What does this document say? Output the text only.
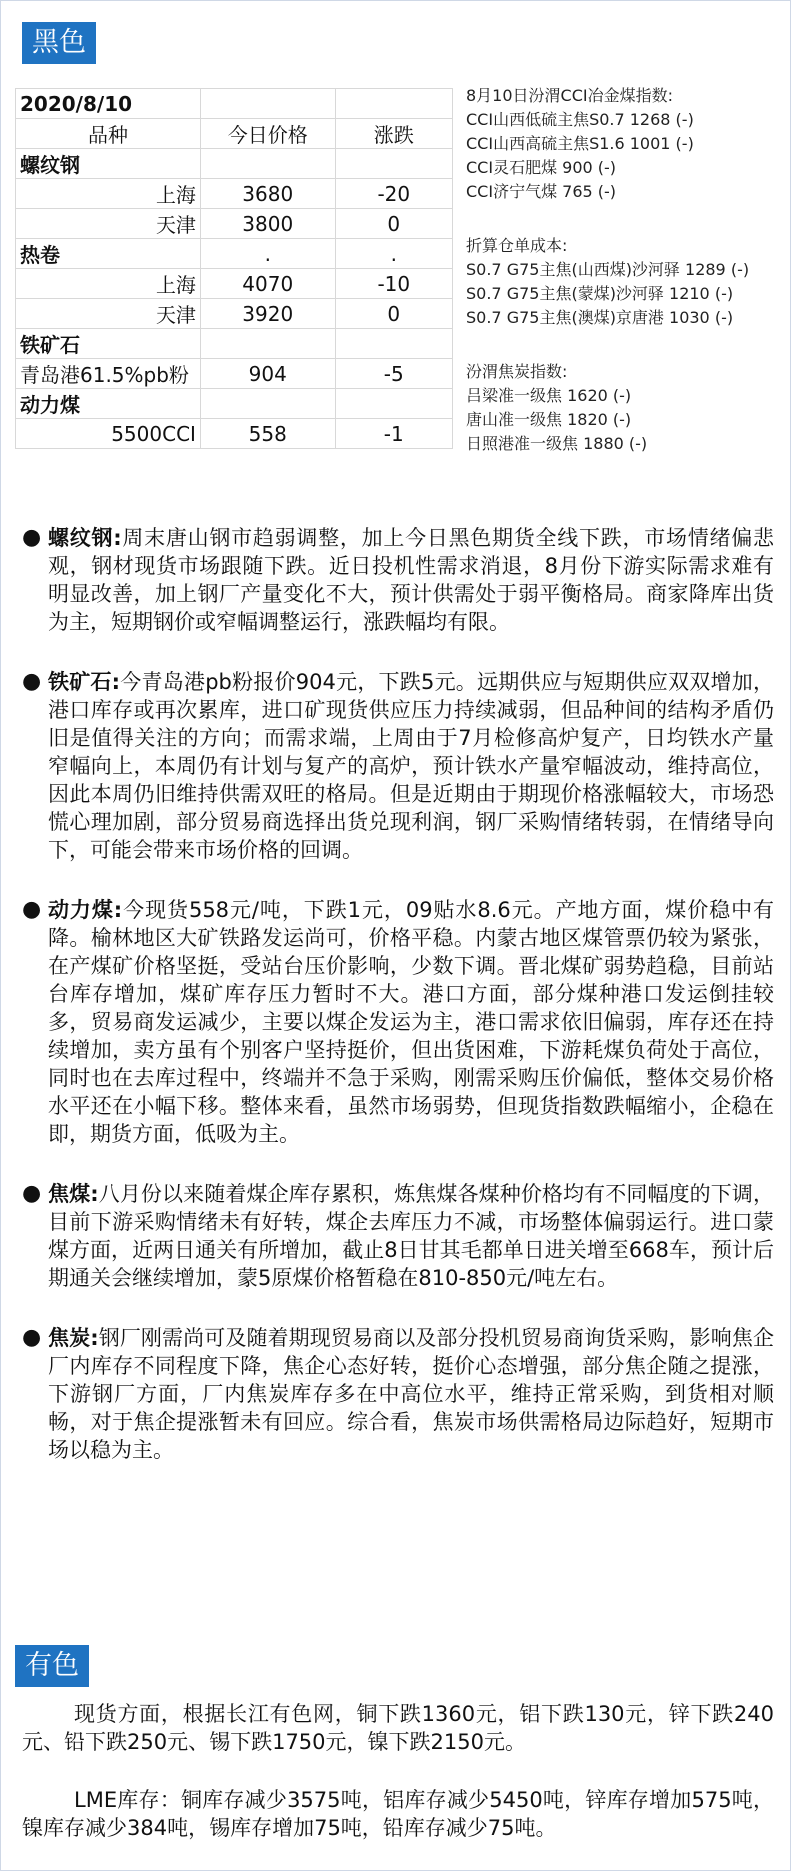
黑色
2020/8/10		
品种	今日价格	涨跌
螺纹钢		
上海	3680	-20
天津	3800	0
热卷	.	.
上海	4070	-10
天津	3920	0
铁矿石		
青岛港61.5%pb粉	904	-5
动力煤		
5500CCI	558	-1
8月10日汾渭CCI冶金煤指数:
CCI山西低硫主焦S0.7 1268 (-)
CCI山西高硫主焦S1.6 1001 (-)
CCI灵石肥煤 900 (-)
CCI济宁气煤 765 (-)
折算仓单成本:
S0.7 G75主焦(山西煤)沙河驿 1289 (-)
S0.7 G75主焦(蒙煤)沙河驿 1210 (-)
S0.7 G75主焦(澳煤)京唐港 1030 (-)
汾渭焦炭指数:
吕梁准一级焦 1620 (-)
唐山准一级焦 1820 (-)
日照港准一级焦 1880 (-)
● 螺纹钢:周末唐山钢市趋弱调整，加上今日黑色期货全线下跌，市场情绪偏悲观，钢材现货市场跟随下跌。近日投机性需求消退，8月份下游实际需求难有明显改善，加上钢厂产量变化不大，预计供需处于弱平衡格局。商家降库出货为主，短期钢价或窄幅调整运行，涨跌幅均有限。
● 铁矿石:今青岛港pb粉报价904元，下跌5元。远期供应与短期供应双双增加，港口库存或再次累库，进口矿现货供应压力持续减弱，但品种间的结构矛盾仍旧是值得关注的方向；而需求端，上周由于7月检修高炉复产，日均铁水产量窄幅向上，本周仍有计划与复产的高炉，预计铁水产量窄幅波动，维持高位，因此本周仍旧维持供需双旺的格局。但是近期由于期现价格涨幅较大，市场恐慌心理加剧，部分贸易商选择出货兑现利润，钢厂采购情绪转弱，在情绪导向下，可能会带来市场价格的回调。
● 动力煤:今现货558元/吨，下跌1元，09贴水8.6元。产地方面，煤价稳中有降。榆林地区大矿铁路发运尚可，价格平稳。内蒙古地区煤管票仍较为紧张，在产煤矿价格坚挺，受站台压价影响，少数下调。晋北煤矿弱势趋稳，目前站台库存增加，煤矿库存压力暂时不大。港口方面，部分煤种港口发运倒挂较多，贸易商发运减少，主要以煤企发运为主，港口需求依旧偏弱，库存还在持续增加，卖方虽有个别客户坚持挺价，但出货困难，下游耗煤负荷处于高位，同时也在去库过程中，终端并不急于采购，刚需采购压价偏低，整体交易价格水平还在小幅下移。整体来看，虽然市场弱势，但现货指数跌幅缩小，企稳在即，期货方面，低吸为主。
● 焦煤:八月份以来随着煤企库存累积，炼焦煤各煤种价格均有不同幅度的下调，目前下游采购情绪未有好转，煤企去库压力不减，市场整体偏弱运行。进口蒙煤方面，近两日通关有所增加，截止8日甘其毛都单日进关增至668车，预计后期通关会继续增加，蒙5原煤价格暂稳在810-850元/吨左右。
● 焦炭:钢厂刚需尚可及随着期现贸易商以及部分投机贸易商询货采购，影响焦企厂内库存不同程度下降，焦企心态好转，挺价心态增强，部分焦企随之提涨，下游钢厂方面，厂内焦炭库存多在中高位水平，维持正常采购，到货相对顺畅，对于焦企提涨暂未有回应。综合看，焦炭市场供需格局边际趋好，短期市场以稳为主。
有色

现货方面，根据长江有色网，铜下跌1360元，铝下跌130元，锌下跌240元、铅下跌250元、锡下跌1750元，镍下跌2150元。

LME库存：铜库存减少3575吨，铝库存减少5450吨，锌库存增加575吨，镍库存减少384吨，锡库存增加75吨，铅库存减少75吨。
